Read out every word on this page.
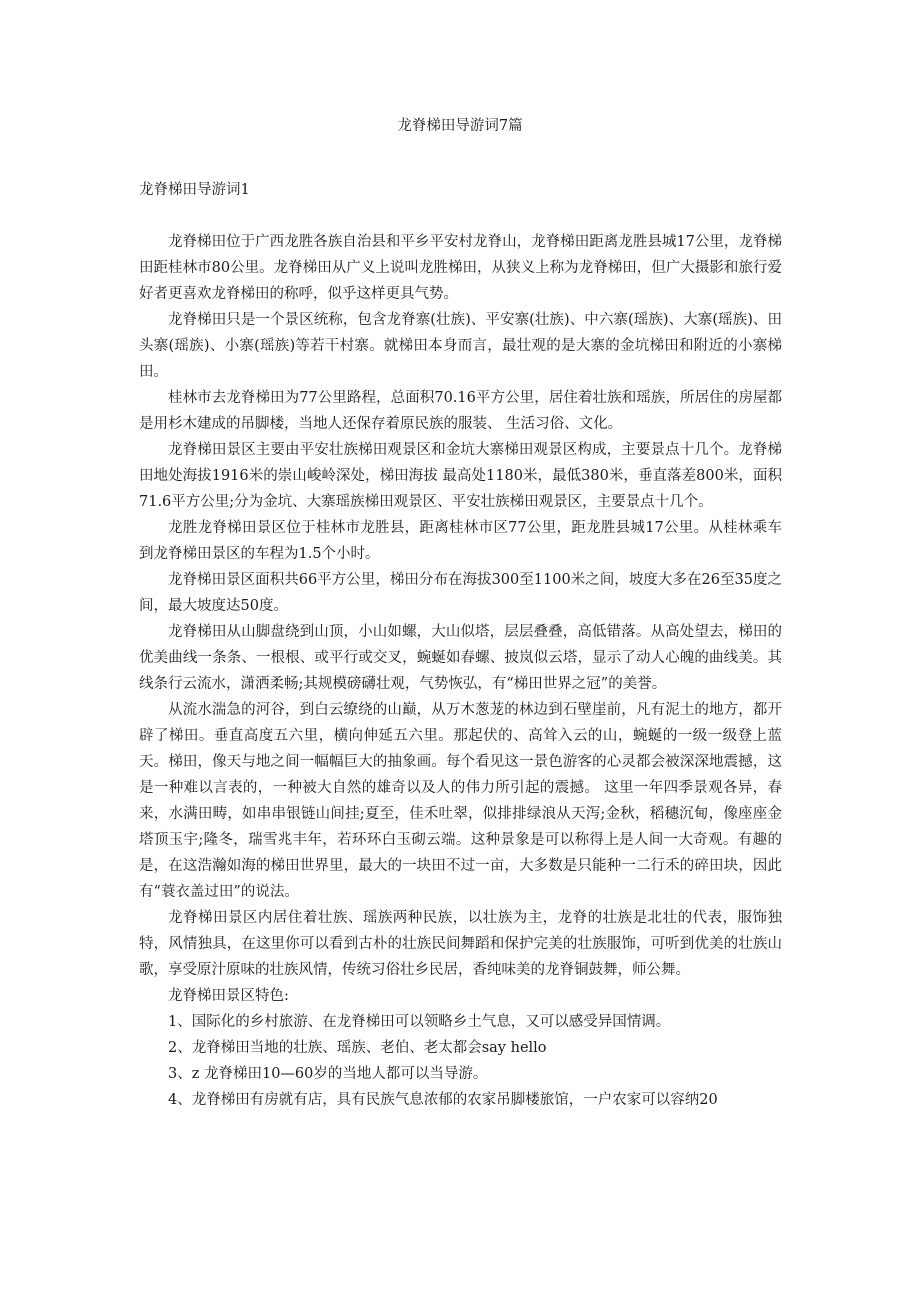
龙脊梯田导游词7篇
龙脊梯田导游词1

龙脊梯田位于广西龙胜各族自治县和平乡平安村龙脊山，龙脊梯田距离龙胜县城17公里，龙脊梯田距桂林市80公里。龙脊梯田从广义上说叫龙胜梯田，从狭义上称为龙脊梯田，但广大摄影和旅行爱好者更喜欢龙脊梯田的称呼，似乎这样更具气势。

龙脊梯田只是一个景区统称，包含龙脊寨(壮族)、平安寨(壮族)、中六寨(瑶族)、大寨(瑶族)、田头寨(瑶族)、小寨(瑶族)等若干村寨。就梯田本身而言，最壮观的是大寨的金坑梯田和附近的小寨梯田。

桂林市去龙脊梯田为77公里路程，总面积70.16平方公里，居住着壮族和瑶族，所居住的房屋都是用杉木建成的吊脚楼，当地人还保存着原民族的服装、 生活习俗、文化。

龙脊梯田景区主要由平安壮族梯田观景区和金坑大寨梯田观景区构成，主要景点十几个。龙脊梯田地处海拔1916米的崇山峻岭深处，梯田海拔 最高处1180米，最低380米，垂直落差800米，面积71.6平方公里;分为金坑、大寨瑶族梯田观景区、平安壮族梯田观景区，主要景点十几个。

龙胜龙脊梯田景区位于桂林市龙胜县，距离桂林市区77公里，距龙胜县城17公里。从桂林乘车到龙脊梯田景区的车程为1.5个小时。

龙脊梯田景区面积共66平方公里，梯田分布在海拔300至1100米之间，坡度大多在26至35度之间，最大坡度达50度。

龙脊梯田从山脚盘绕到山顶，小山如螺，大山似塔，层层叠叠，高低错落。从高处望去，梯田的优美曲线一条条、一根根、或平行或交叉，蜿蜒如春螺、披岚似云塔，显示了动人心魄的曲线美。其线条行云流水，潇洒柔畅;其规模磅礴壮观，气势恢弘，有“梯田世界之冠”的美誉。

从流水湍急的河谷，到白云缭绕的山巅，从万木葱茏的林边到石壁崖前，凡有泥土的地方，都开辟了梯田。垂直高度五六里，横向伸延五六里。那起伏的、高耸入云的山，蜿蜒的一级一级登上蓝天。梯田，像天与地之间一幅幅巨大的抽象画。每个看见这一景色游客的心灵都会被深深地震撼，这是一种难以言表的，一种被大自然的雄奇以及人的伟力所引起的震撼。 这里一年四季景观各异，春来，水满田畴，如串串银链山间挂;夏至，佳禾吐翠，似排排绿浪从天泻;金秋，稻穗沉甸，像座座金塔顶玉宇;隆冬，瑞雪兆丰年，若环环白玉砌云端。这种景象是可以称得上是人间一大奇观。有趣的是，在这浩瀚如海的梯田世界里，最大的一块田不过一亩，大多数是只能种一二行禾的碎田块，因此有“蓑衣盖过田”的说法。

龙脊梯田景区内居住着壮族、瑶族两种民族，以壮族为主，龙脊的壮族是北壮的代表，服饰独特，风情独具，在这里你可以看到古朴的壮族民间舞蹈和保护完美的壮族服饰，可听到优美的壮族山歌，享受原汁原味的壮族风情，传统习俗壮乡民居，香纯味美的龙脊铜鼓舞，师公舞。

龙脊梯田景区特色:

1、国际化的乡村旅游、在龙脊梯田可以领略乡土气息，又可以感受异国情调。

2、龙脊梯田当地的壮族、瑶族、老伯、老太都会say hello

3、z 龙脊梯田10—60岁的当地人都可以当导游。

4、龙脊梯田有房就有店，具有民族气息浓郁的农家吊脚楼旅馆，一户农家可以容纳20
